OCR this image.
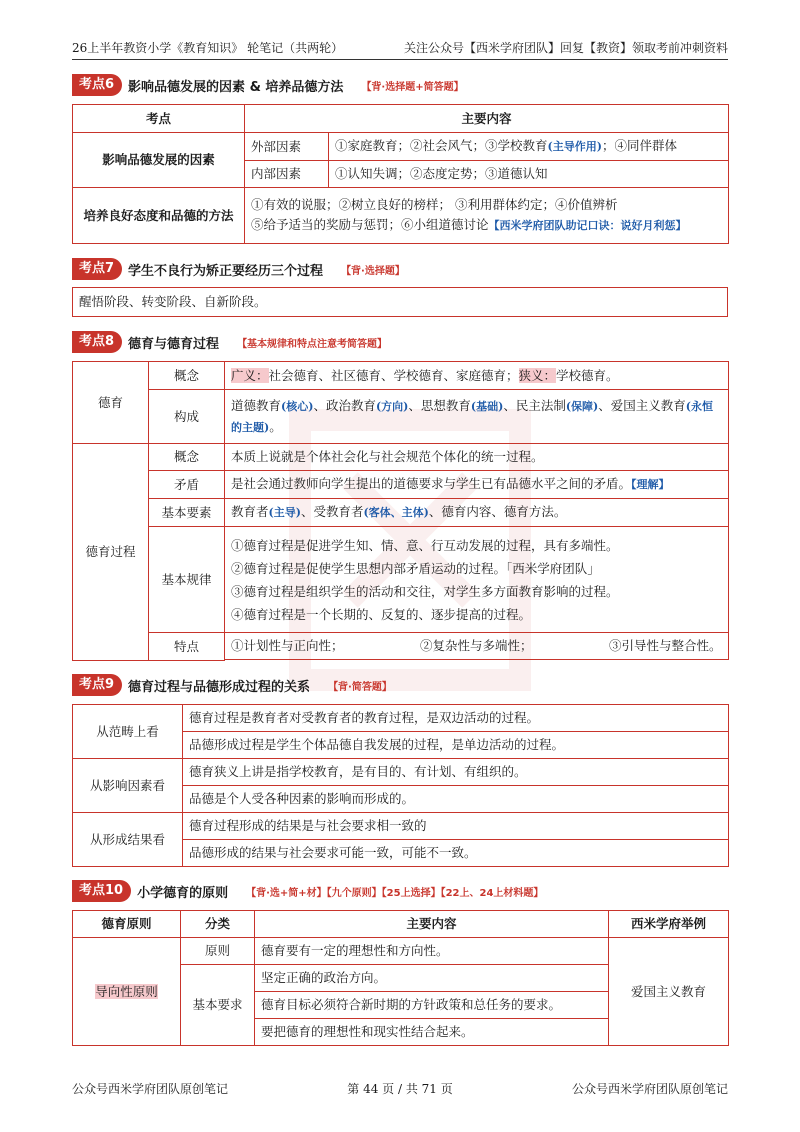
26上半年教资小学《教育知识》 轮笔记（共两轮）	关注公众号【西米学府团队】回复【教资】领取考前冲刺资料
考点6	影响品德发展的因素 & 培养品德方法 【背·选择题+简答题】
考点	主要内容	
影响品德发展的因素	外部因素	①家庭教育；②社会风气；③学校教育(主导作用)；④同伴群体
	内部因素	①认知失调；②态度定势；③道德认知
培养良好态度和品德的方法	①有效的说服；②树立良好的榜样； ③利用群体约定；④价值辨析
⑤给予适当的奖励与惩罚；⑥小组道德讨论【西米学府团队助记口诀：说好月利惩】	
考点7	学生不良行为矫正要经历三个过程 【背·选择题】
醒悟阶段、转变阶段、自新阶段。
考点8	德育与德育过程 【基本规律和特点注意考简答题】
德育	概念	广义：社会德育、社区德育、学校德育、家庭德育；狭义：学校德育。
	构成	道德教育(核心)、政治教育(方向)、思想教育(基础)、民主法制(保障)、爱国主义教育(永恒的主题)。
德育过程	概念	本质上说就是个体社会化与社会规范个体化的统一过程。
	矛盾	是社会通过教师向学生提出的道德要求与学生已有品德水平之间的矛盾。【理解】
	基本要素	教育者(主导)、受教育者(客体、主体)、德育内容、德育方法。
	基本规律	①德育过程是促进学生知、情、意、行互动发展的过程，具有多端性。
②德育过程是促使学生思想内部矛盾运动的过程。「西米学府团队」
③德育过程是组织学生的活动和交往，对学生多方面教育影响的过程。
④德育过程是一个长期的、反复的、逐步提高的过程。

	特点		①计划性与正向性；	②复杂性与多端性；	③引导性与整合性。
考点9	德育过程与品德形成过程的关系 【背·简答题】
从范畴上看	德育过程是教育者对受教育者的教育过程，是双边活动的过程。
	品德形成过程是学生个体品德自我发展的过程，是单边活动的过程。
从影响因素看	德育狭义上讲是指学校教育，是有目的、有计划、有组织的。
	品德是个人受各种因素的影响而形成的。
从形成结果看	德育过程形成的结果是与社会要求相一致的
	品德形成的结果与社会要求可能一致，可能不一致。
考点10	小学德育的原则 【背·选+简+材】【九个原则】【25上选择】【22上、24上材料题】
德育原则	分类	主要内容	西米学府举例
导向性原则	原则	德育要有一定的理想性和方向性。	爱国主义教育
	基本要求	坚定正确的政治方向。	
		德育目标必须符合新时期的方针政策和总任务的要求。	
		要把德育的理想性和现实性结合起来。	
公众号西米学府团队原创笔记	第 44 页 / 共 71 页	公众号西米学府团队原创笔记
